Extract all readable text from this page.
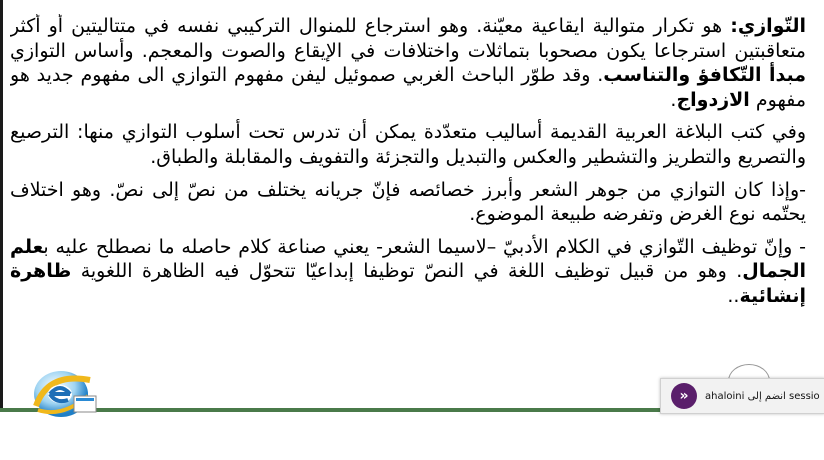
التّوازي: هو تكرار متوالية ايقاعية معيّنة. وهو استرجاع للمنوال التركيبي نفسه في متتاليتين أو أكثر متعاقبتين استرجاعا يكون مصحوبا بتماثلات واختلافات في الإيقاع والصوت والمعجم. وأساس التوازي مبدأ التّكافؤ والتناسب. وقد طوّر الباحث الغربي صموئيل ليفن مفهوم التوازي الى مفهوم جديد هو مفهوم الازدواج.

وفي كتب البلاغة العربية القديمة أساليب متعدّدة يمكن أن تدرس تحت أسلوب التوازي منها: الترصيع والتصريع والتطريز والتشطير والعكس والتبديل والتجزئة والتفويف والمقابلة والطباق.

-وإذا كان التوازي من جوهر الشعر وأبرز خصائصه فإنّ جريانه يختلف من نصّ إلى نصّ. وهو اختلاف يحتّمه نوع الغرض وتفرضه طبيعة الموضوع.

- وإنّ توظيف التّوازي في الكلام الأدبيّ –لاسيما الشعر- يعني صناعة كلام حاصله ما نصطلح عليه بعلم الجمال. وهو من قبيل توظيف اللغة في النصّ توظيفا إبداعيّا تتحوّل فيه الظاهرة اللغوية ظاهرة إنشائية..

»	ahaloini انضم إلى sessio
